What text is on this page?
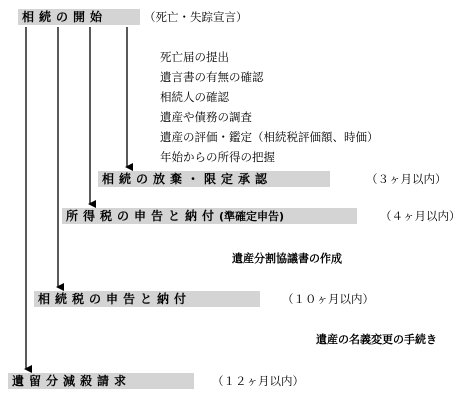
相続の開始	（死亡・失踪宣言）
死亡届の提出
遺言書の有無の確認
相続人の確認
遺産や債務の調査
遺産の評価・鑑定（相続税評価額、時価）
年始からの所得の把握
相続の放棄・限定承認	（３ヶ月以内）
所得税の申告と納付(準確定申告)	（４ヶ月以内）
遺産分割協議書の作成
相続税の申告と納付	（１０ヶ月以内）
遺産の名義変更の手続き
遺留分減殺請求	（１２ヶ月以内）
